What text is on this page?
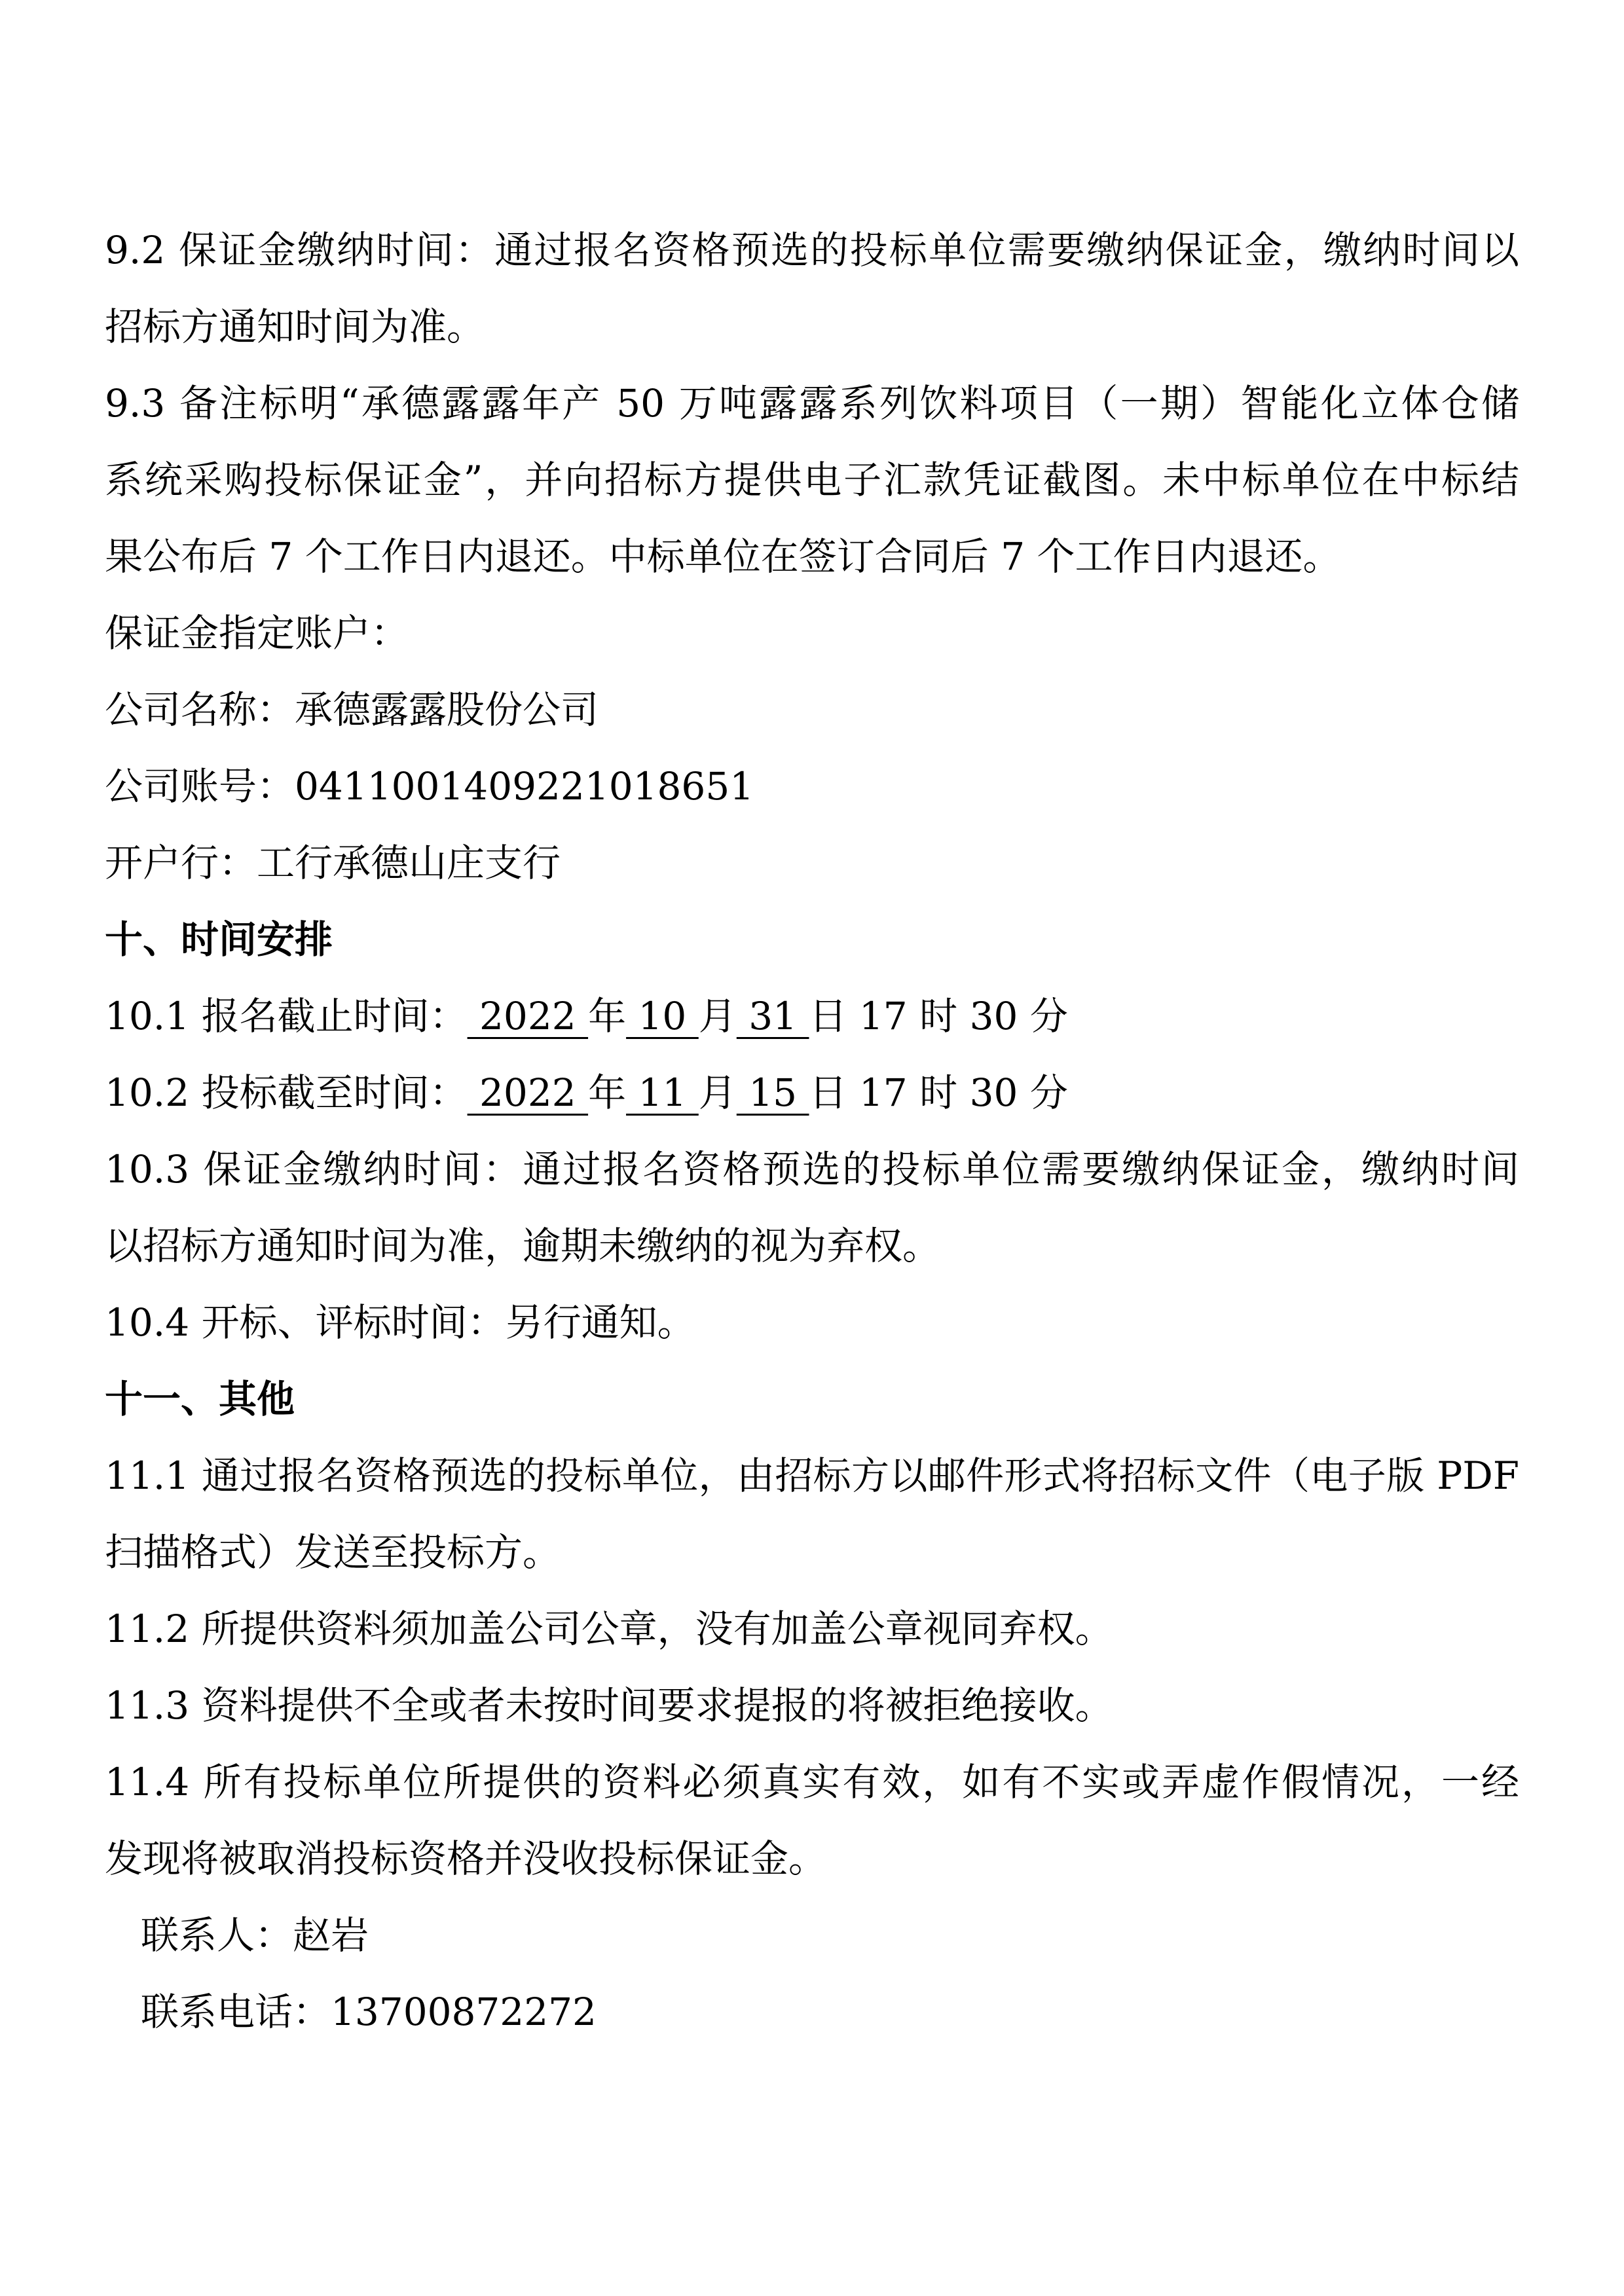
9.2 保证金缴纳时间：通过报名资格预选的投标单位需要缴纳保证金，缴纳时间以
招标方通知时间为准。
9.3 备注标明“承德露露年产 50 万吨露露系列饮料项目（一期）智能化立体仓储
系统采购投标保证金”，并向招标方提供电子汇款凭证截图。未中标单位在中标结
果公布后 7 个工作日内退还。中标单位在签订合同后 7 个工作日内退还。
保证金指定账户：
公司名称：承德露露股份公司
公司账号：0411001409221018651
开户行：工行承德山庄支行
十、时间安排
10.1 报名截止时间： 2022 年 10 月 31 日 17 时 30 分
10.2 投标截至时间： 2022 年 11 月 15 日 17 时 30 分
10.3 保证金缴纳时间：通过报名资格预选的投标单位需要缴纳保证金，缴纳时间
以招标方通知时间为准，逾期未缴纳的视为弃权。
10.4 开标、评标时间：另行通知。
十一、其他
11.1 通过报名资格预选的投标单位，由招标方以邮件形式将招标文件（电子版 PDF
扫描格式）发送至投标方。
11.2 所提供资料须加盖公司公章，没有加盖公章视同弃权。
11.3 资料提供不全或者未按时间要求提报的将被拒绝接收。
11.4 所有投标单位所提供的资料必须真实有效，如有不实或弄虚作假情况，一经
发现将被取消投标资格并没收投标保证金。
联系人：赵岩
联系电话：13700872272
